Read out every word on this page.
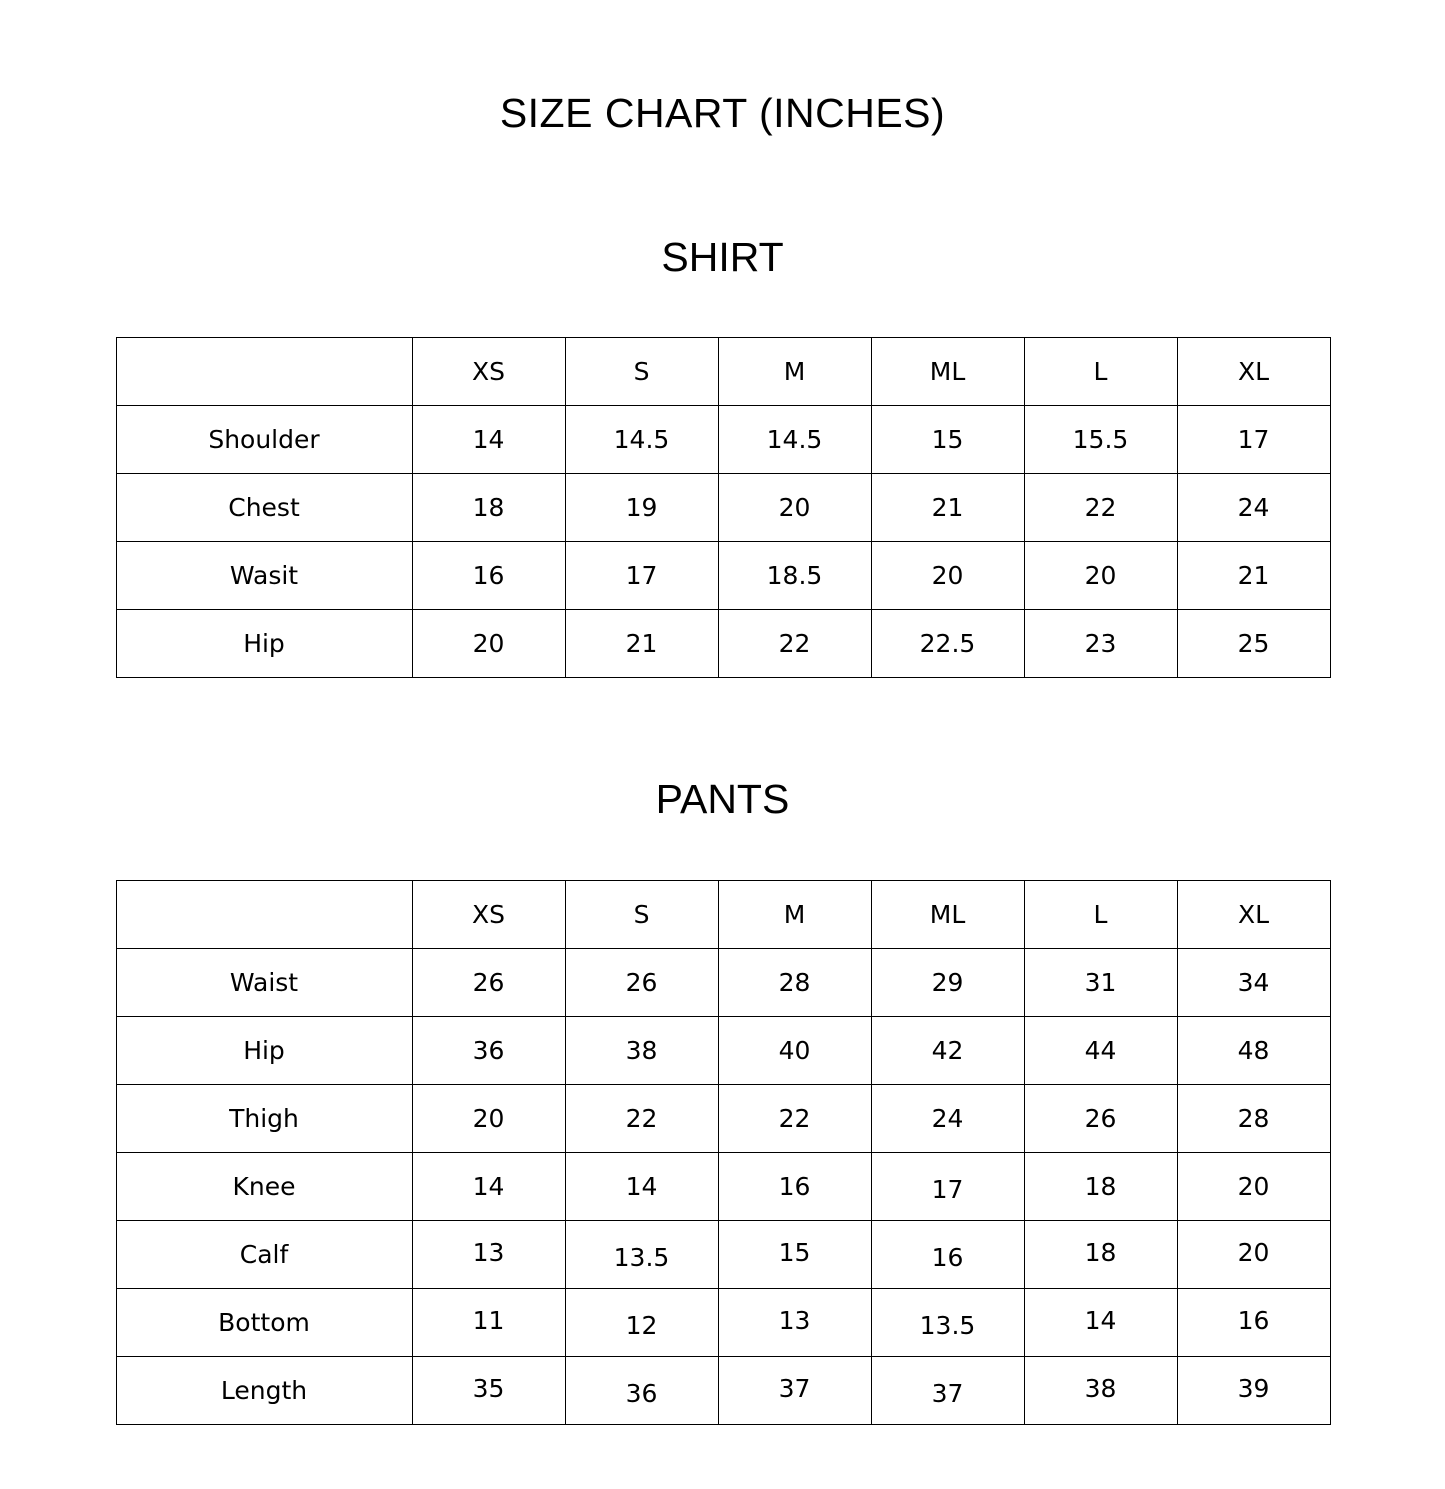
SIZE CHART (INCHES)
SHIRT
	XS	S	M	ML	L	XL
Shoulder	14	14.5	14.5	15	15.5	17
Chest	18	19	20	21	22	24
Wasit	16	17	18.5	20	20	21
Hip	20	21	22	22.5	23	25
PANTS
	XS	S	M	ML	L	XL
Waist	26	26	28	29	31	34
Hip	36	38	40	42	44	48
Thigh	20	22	22	24	26	28
Knee	14	14	16	17	18	20
Calf	13	13.5	15	16	18	20
Bottom	11	12	13	13.5	14	16
Length	35	36	37	37	38	39
